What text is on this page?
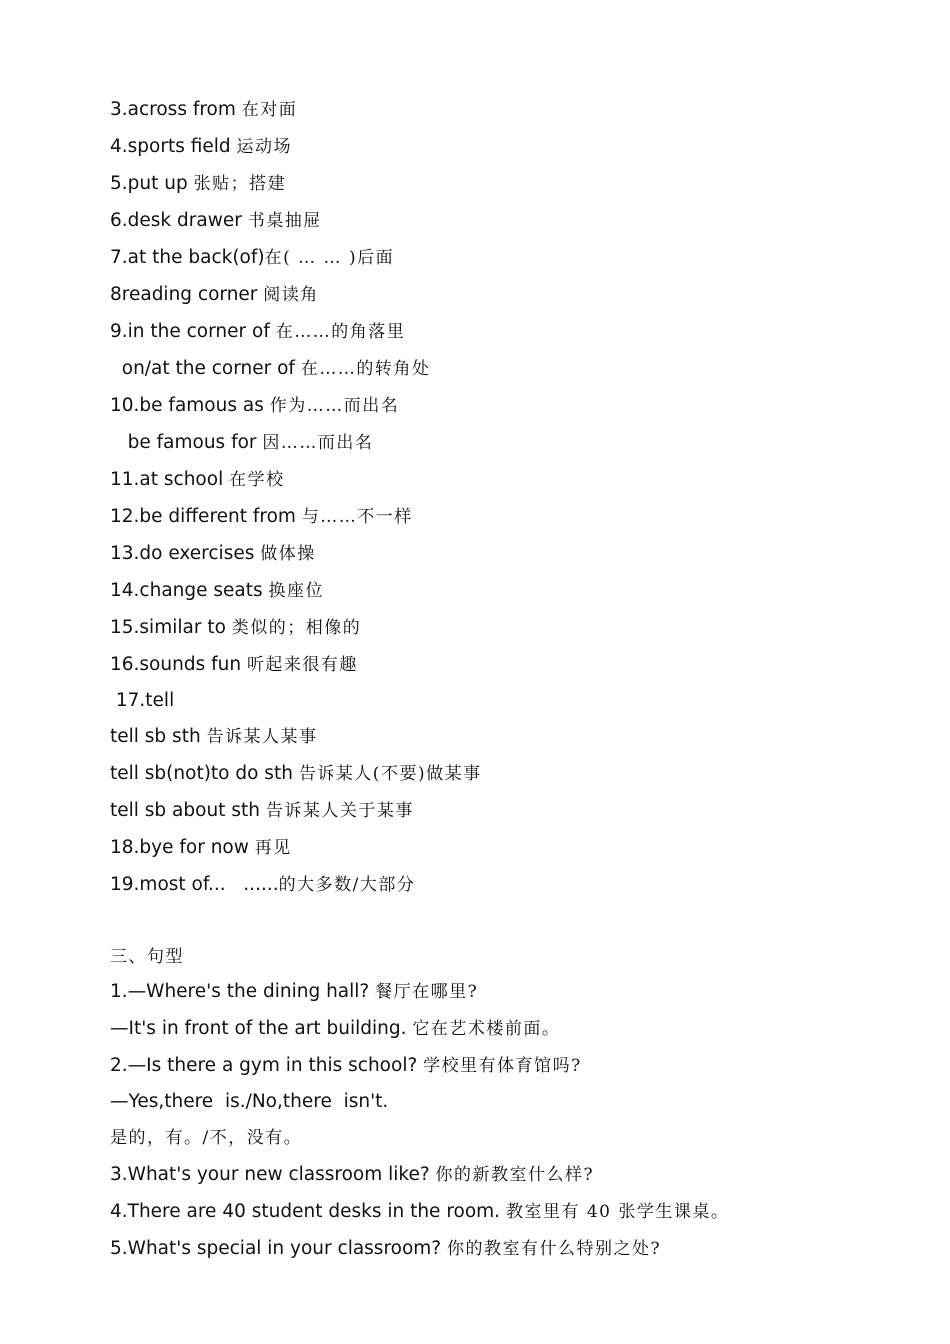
3.across from 在对面
4.sports field 运动场
5.put up 张贴；搭建
6.desk drawer 书桌抽屉
7.at the back(of)在( … … )后面
8reading corner 阅读角
9.in the corner of 在……的角落里
on/at the corner of 在……的转角处
10.be famous as 作为……而出名
be famous for 因……而出名
11.at school 在学校
12.be different from 与……不一样
13.do exercises 做体操
14.change seats 换座位
15.similar to 类似的；相像的
16.sounds fun 听起来很有趣
17.tell
tell sb sth 告诉某人某事
tell sb(not)to do sth 告诉某人(不要)做某事
tell sb about sth 告诉某人关于某事
18.bye for now 再见
19.most of...   ......的大多数/大部分
三、句型
1.—Where's the dining hall? 餐厅在哪里?
—It's in front of the art building. 它在艺术楼前面。
2.—Is there a gym in this school? 学校里有体育馆吗?
—Yes,there  is./No,there  isn't.
是的，有。/不，没有。
3.What's your new classroom like? 你的新教室什么样?
4.There are 40 student desks in the room. 教室里有 40 张学生课桌。
5.What's special in your classroom? 你的教室有什么特别之处?
